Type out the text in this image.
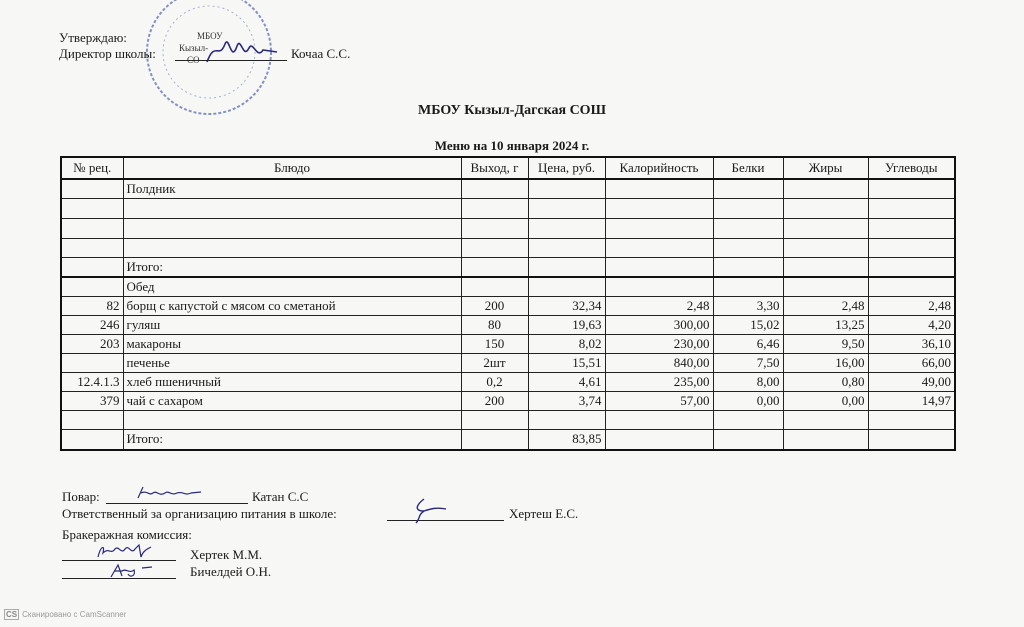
МБОУ
Кызыл-
СО
Утверждаю:
Директор школы:	Кочаа С.С.
МБОУ Кызыл-Дагская СОШ
Меню на 10 января 2024 г.
№ рец.	Блюдо	Выход, г	Цена, руб.	Калорийность	Белки	Жиры	Углеводы
	Полдник						

	Итого:						
	Обед						
82	борщ с капустой с мясом со сметаной	200	32,34	2,48	3,30	2,48	2,48
246	гуляш	80	19,63	300,00	15,02	13,25	4,20
203	макароны	150	8,02	230,00	6,46	9,50	36,10
	печенье	2шт	15,51	840,00	7,50	16,00	66,00
12.4.1.3	хлеб пшеничный	0,2	4,61	235,00	8,00	0,80	49,00
379	чай с сахаром	200	3,74	57,00	0,00	0,00	14,97

	Итого:		83,85				
Повар:	Катан С.С
Ответственный за организацию питания в школе:	Хертеш Е.С.
Бракеражная комиссия:
Хертек М.М.
Бичелдей О.Н.
CS Сканировано с CamScanner
